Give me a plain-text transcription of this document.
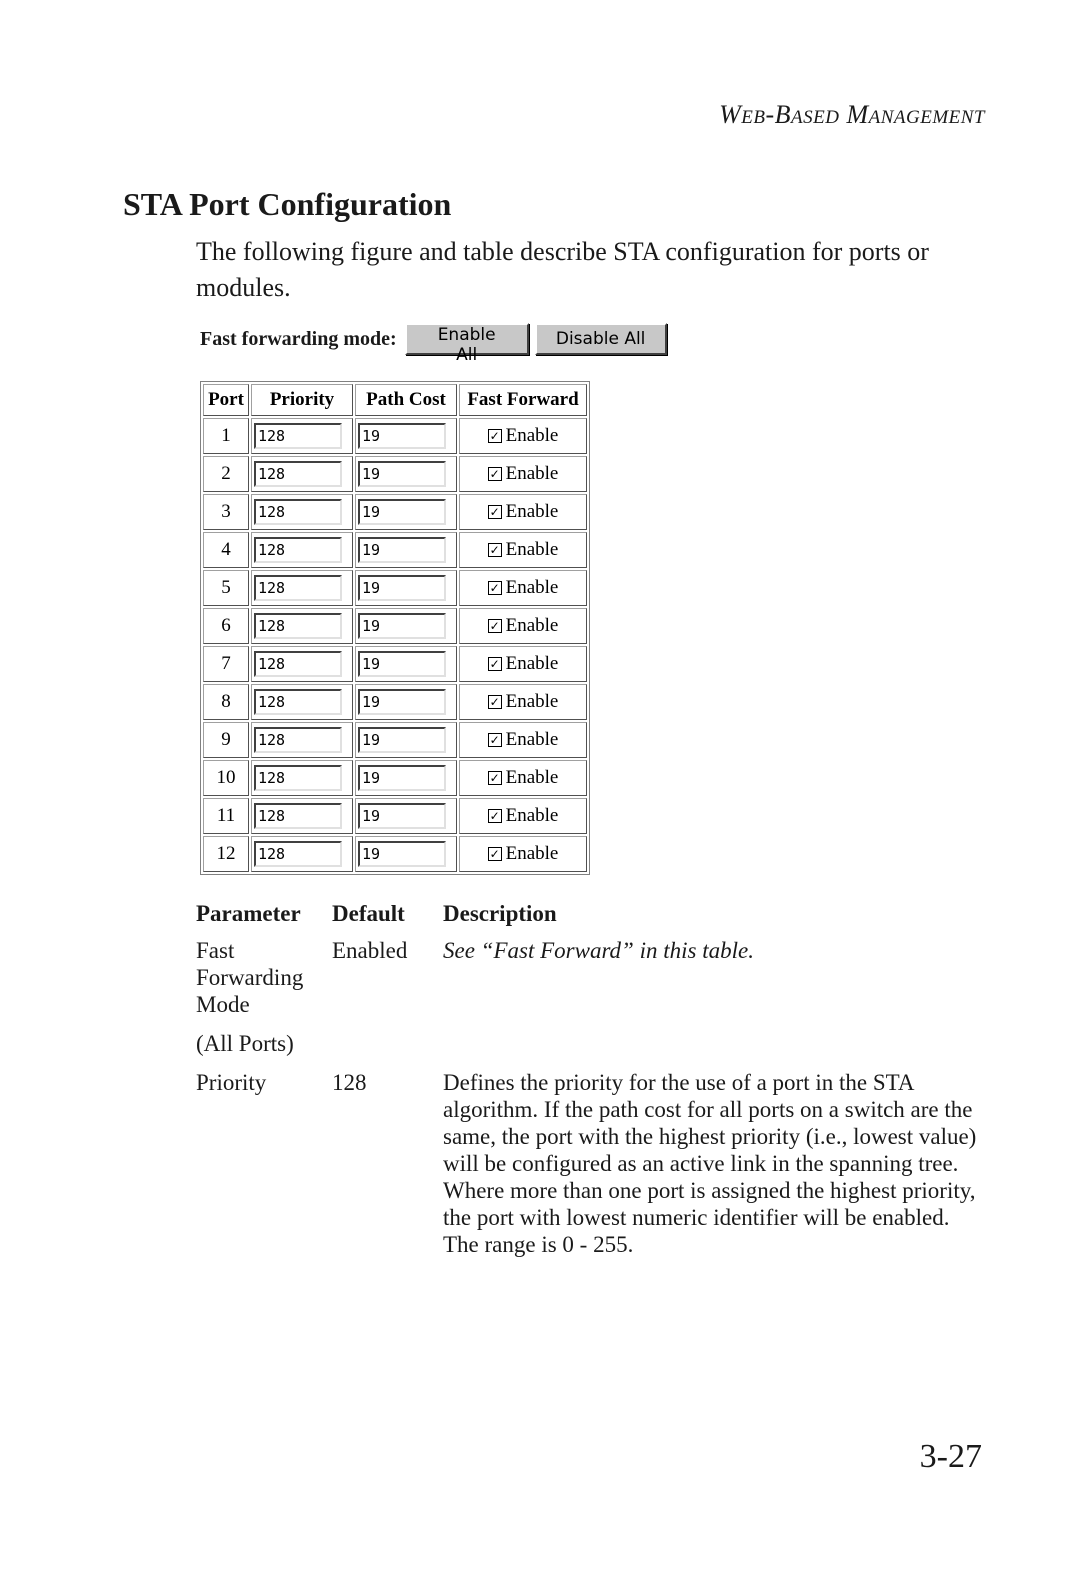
WEB-BASED MANAGEMENT
STA Port Configuration

The following figure and table describe STA configuration for ports or modules.

Fast forwarding mode:	Enable All
Disable All
Port	Priority	Path Cost	Fast Forward
1	128	19	✓ Enable

2	128	19	✓ Enable

3	128	19	✓ Enable

4	128	19	✓ Enable

5	128	19	✓ Enable

6	128	19	✓ Enable

7	128	19	✓ Enable

8	128	19	✓ Enable

9	128	19	✓ Enable

10	128	19	✓ Enable

11	128	19	✓ Enable

12	128	19	✓ Enable
Parameter	Default	Description
Fast Forwarding Mode	Enabled	See “Fast Forward” in this table.
(All Ports)		
Priority	128	Defines the priority for the use of a port in the STA algorithm. If the path cost for all ports on a switch are the same, the port with the highest priority (i.e., lowest value) will be configured as an active link in the spanning tree. Where more than one port is assigned the highest priority, the port with lowest numeric identifier will be enabled.
The range is 0 - 255.
3-27
